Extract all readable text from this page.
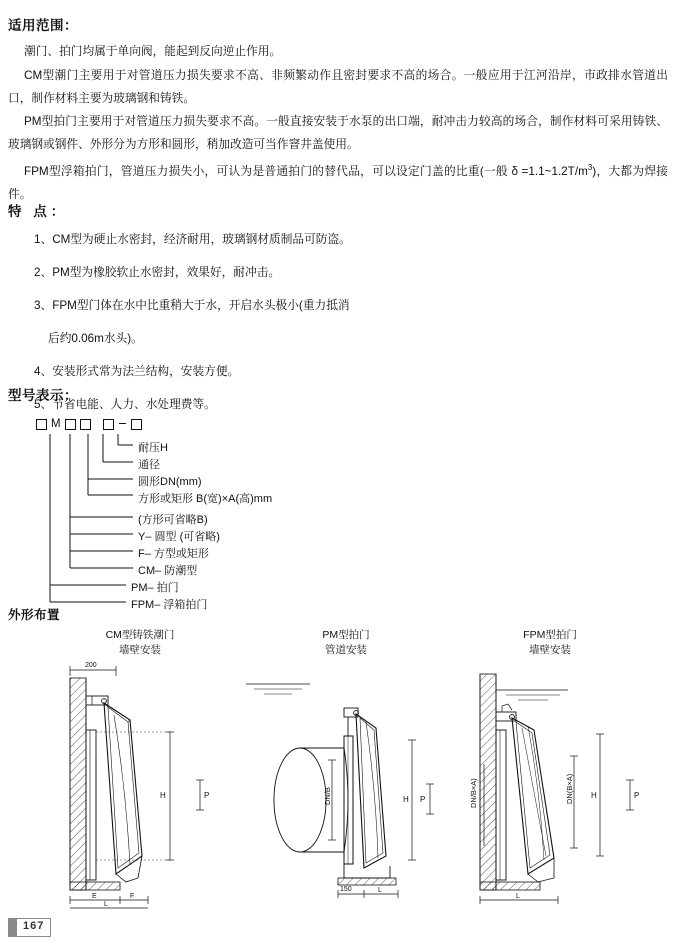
适用范围：
潮门、拍门均属于单向阀，能起到反向逆止作用。
CM型潮门主要用于对管道压力损失要求不高、非频繁动作且密封要求不高的场合。一般应用于江河沿岸，市政排水管道出口，制作材料主要为玻璃钢和铸铁。
PM型拍门主要用于对管道压力损失要求不高。一般直接安装于水泵的出口端，耐冲击力较高的场合，制作材料可采用铸铁、玻璃钢或钢件、外形分为方形和圆形，稍加改造可当作窨井盖使用。
FPM型浮箱拍门，管道压力损失小，可认为是普通拍门的替代品，可以设定门盖的比重(一般 $\delta =1.1\sim 1.2T/m^3$)，大都为焊接件。
特 点：
1、CM型为硬止水密封，经济耐用，玻璃钢材质制品可防盗。
2、PM型为橡胶软止水密封，效果好，耐冲击。
3、FPM型门体在水中比重稍大于水，开启水头极小(重力抵消
后约0.06m水头)。
4、安装形式常为法兰结构，安装方便。
5、节省电能、人力、水处理费等。
型号表示：
M
耐压H
通径
圆形DN(mm)
方形或矩形 B(宽)×A(高)mm
(方形可省略B)
Y– 圆型 (可省略)
F– 方型或矩形
CM– 防潮型
PM– 拍门
FPM– 浮箱拍门
外形布置
CM型铸铁潮门
墙壁安装
PM型拍门
管道安装
FPM型拍门
墙壁安装
200
H	P
E	F
L
H P
DN/B
150	L
DN/B×A)	H
DN(B×A)	P
L
167
